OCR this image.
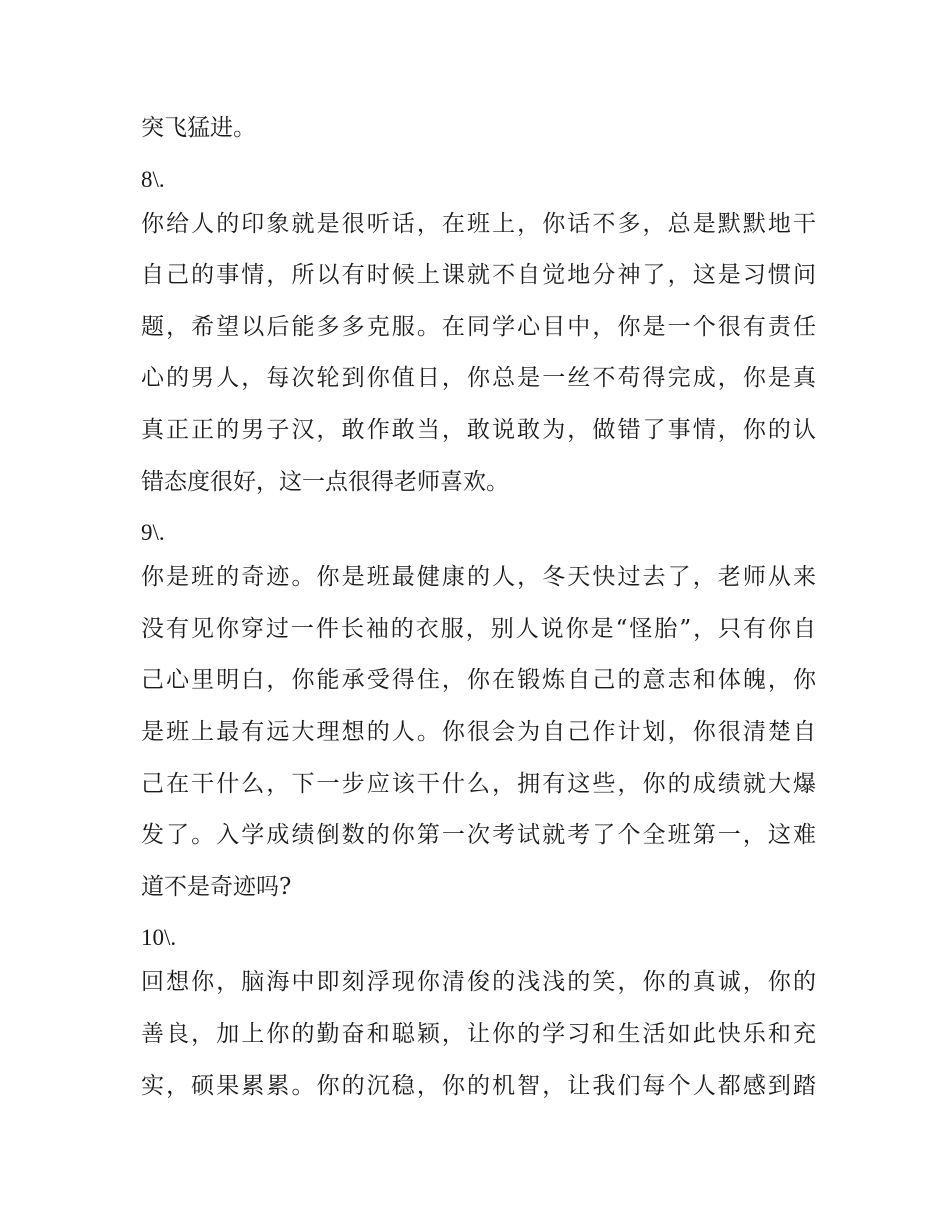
突飞猛进。
8\.
你给人的印象就是很听话，在班上，你话不多，总是默默地干
自己的事情，所以有时候上课就不自觉地分神了，这是习惯问
题，希望以后能多多克服。在同学心目中，你是一个很有责任
心的男人，每次轮到你值日，你总是一丝不苟得完成，你是真
真正正的男子汉，敢作敢当，敢说敢为，做错了事情，你的认
错态度很好，这一点很得老师喜欢。
9\.
你是班的奇迹。你是班最健康的人，冬天快过去了，老师从来
没有见你穿过一件长袖的衣服，别人说你是“怪胎”，只有你自
己心里明白，你能承受得住，你在锻炼自己的意志和体魄，你
是班上最有远大理想的人。你很会为自己作计划，你很清楚自
己在干什么，下一步应该干什么，拥有这些，你的成绩就大爆
发了。入学成绩倒数的你第一次考试就考了个全班第一，这难
道不是奇迹吗?
10\.
回想你，脑海中即刻浮现你清俊的浅浅的笑，你的真诚，你的
善良，加上你的勤奋和聪颖，让你的学习和生活如此快乐和充
实，硕果累累。你的沉稳，你的机智，让我们每个人都感到踏
